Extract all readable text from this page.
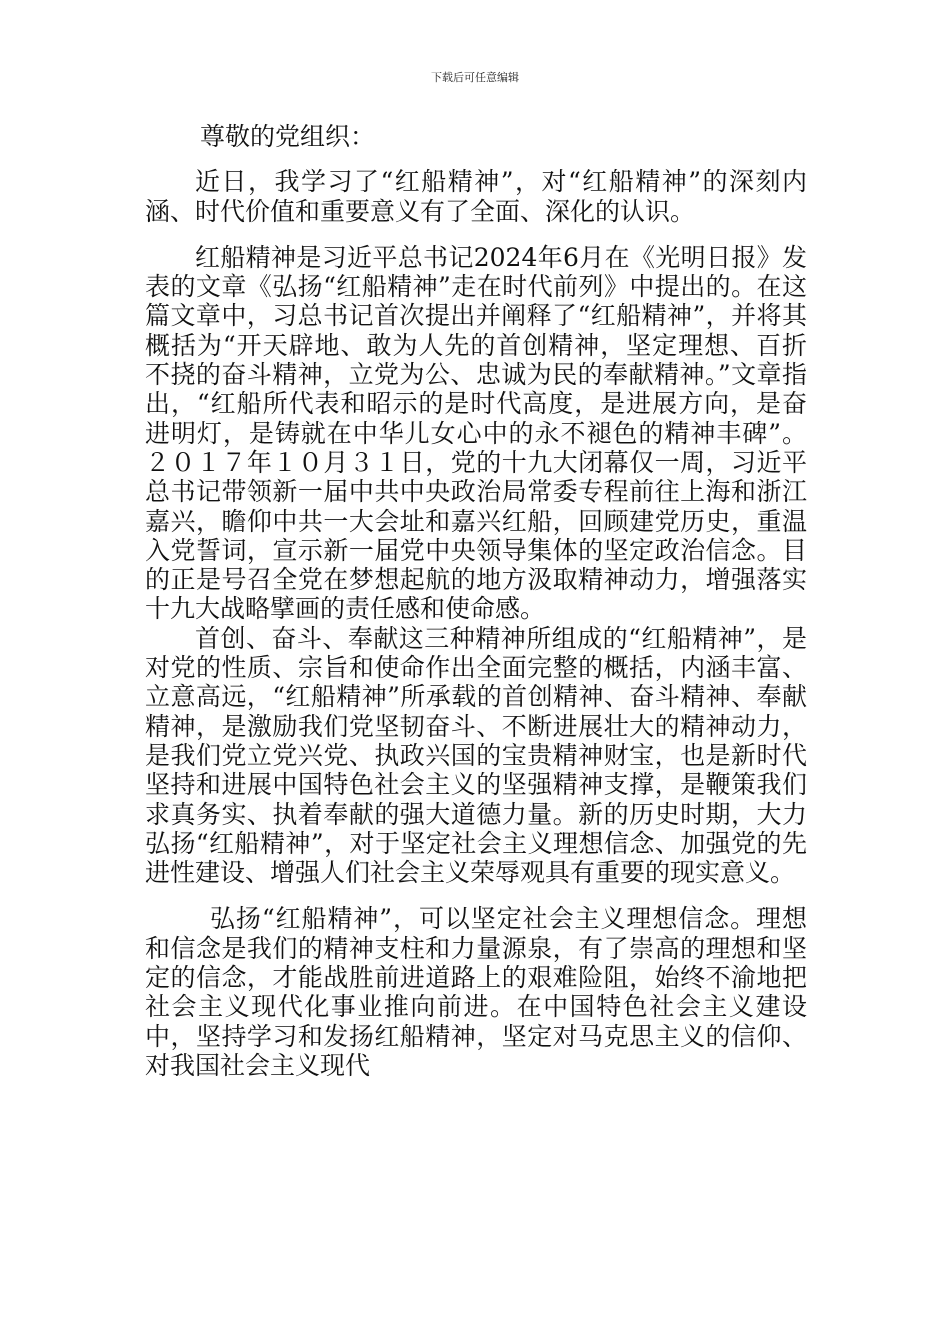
下载后可任意编辑

尊敬的党组织：

近日，我学习了“红船精神”，对“红船精神”的深刻内涵、时代价值和重要意义有了全面、深化的认识。

红船精神是习近平总书记2024年6月在《光明日报》发表的文章《弘扬“红船精神”走在时代前列》中提出的。在这篇文章中，习总书记首次提出并阐释了“红船精神”，并将其概括为“开天辟地、敢为人先的首创精神，坚定理想、百折不挠的奋斗精神，立党为公、忠诚为民的奉献精神。”文章指出，“红船所代表和昭示的是时代高度，是进展方向，是奋进明灯，是铸就在中华儿女心中的永不褪色的精神丰碑”。 ２０１７年１０月３１日，党的十九大闭幕仅一周，习近平总书记带领新一届中共中央政治局常委专程前往上海和浙江嘉兴，瞻仰中共一大会址和嘉兴红船，回顾建党历史，重温入党誓词，宣示新一届党中央领导集体的坚定政治信念。目的正是号召全党在梦想起航的地方汲取精神动力，增强落实十九大战略擘画的责任感和使命感。

首创、奋斗、奉献这三种精神所组成的“红船精神”，是对党的性质、宗旨和使命作出全面完整的概括，内涵丰富、立意高远，“红船精神”所承载的首创精神、奋斗精神、奉献精神，是激励我们党坚韧奋斗、不断进展壮大的精神动力，是我们党立党兴党、执政兴国的宝贵精神财宝，也是新时代坚持和进展中国特色社会主义的坚强精神支撑，是鞭策我们求真务实、执着奉献的强大道德力量。新的历史时期，大力弘扬“红船精神”，对于坚定社会主义理想信念、加强党的先进性建设、增强人们社会主义荣辱观具有重要的现实意义。

弘扬“红船精神”，可以坚定社会主义理想信念。理想和信念是我们的精神支柱和力量源泉，有了崇高的理想和坚定的信念，才能战胜前进道路上的艰难险阻，始终不渝地把社会主义现代化事业推向前进。在中国特色社会主义建设中，坚持学习和发扬红船精神，坚定对马克思主义的信仰、对我国社会主义现代
